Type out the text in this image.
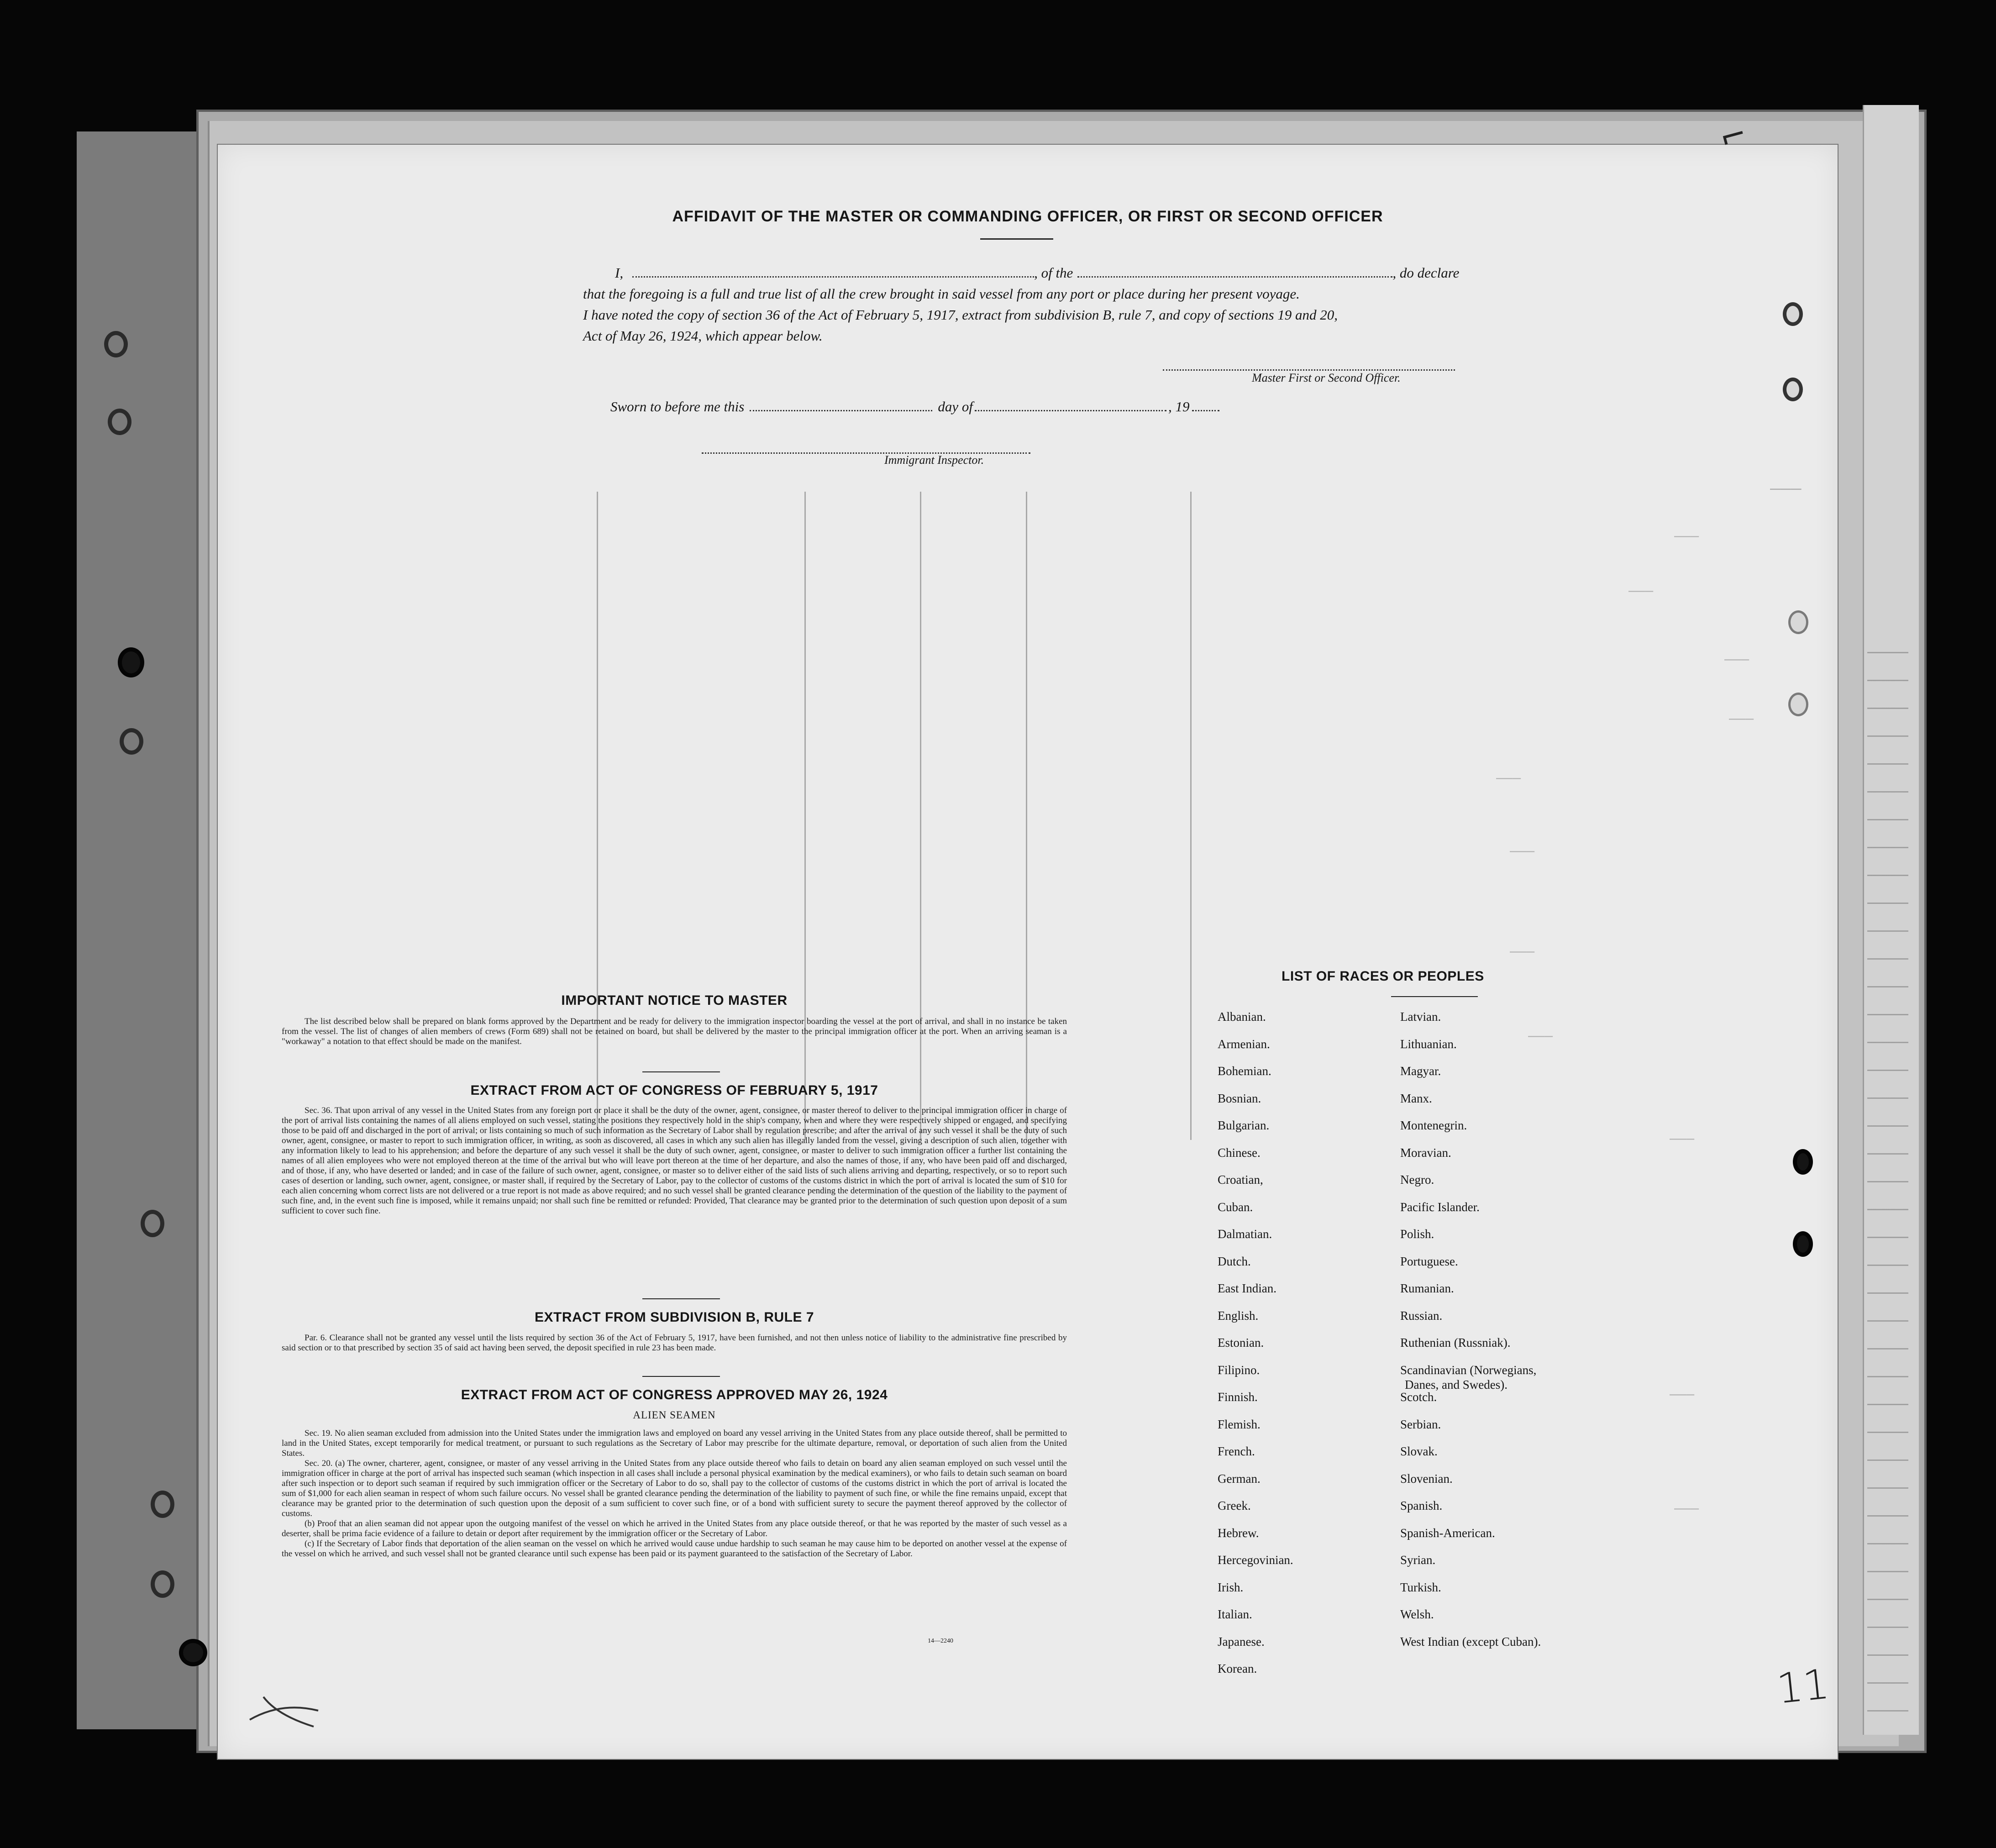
———
———
———
———
———
———
———
———
———
———
———
———
AFFIDAVIT OF THE MASTER OR COMMANDING OFFICER, OR FIRST OR SECOND OFFICER
I,	, of the	, do declare
that the foregoing is a full and true list of all the crew brought in said vessel from any port or place during her present voyage.
I have noted the copy of section 36 of the Act of February 5, 1917, extract from subdivision B, rule 7, and copy of sections 19 and 20,
Act of May 26, 1924, which appear below.
Master First or Second Officer.
Sworn to before me this	day of	, 19
Immigrant Inspector.
IMPORTANT NOTICE TO MASTER

The list described below shall be prepared on blank forms approved by the Department and be ready for delivery to the immigration inspector boarding the vessel at the port of arrival, and shall in no instance be taken from the vessel. The list of changes of alien members of crews (Form 689) shall not be retained on board, but shall be delivered by the master to the principal immigration officer at the port. When an arriving seaman is a "workaway" a notation to that effect should be made on the manifest.

EXTRACT FROM ACT OF CONGRESS OF FEBRUARY 5, 1917

Sec. 36. That upon arrival of any vessel in the United States from any foreign port or place it shall be the duty of the owner, agent, consignee, or master thereof to deliver to the principal immigration officer in charge of the port of arrival lists containing the names of all aliens employed on such vessel, stating the positions they respectively hold in the ship's company, when and where they were respectively shipped or engaged, and specifying those to be paid off and discharged in the port of arrival; or lists containing so much of such information as the Secretary of Labor shall by regulation prescribe; and after the arrival of any such vessel it shall be the duty of such owner, agent, consignee, or master to report to such immigration officer, in writing, as soon as discovered, all cases in which any such alien has illegally landed from the vessel, giving a description of such alien, together with any information likely to lead to his apprehension; and before the departure of any such vessel it shall be the duty of such owner, agent, consignee, or master to deliver to such immigration officer a further list containing the names of all alien employees who were not employed thereon at the time of the arrival but who will leave port thereon at the time of her departure, and also the names of those, if any, who have been paid off and discharged, and of those, if any, who have deserted or landed; and in case of the failure of such owner, agent, consignee, or master so to deliver either of the said lists of such aliens arriving and departing, respectively, or so to report such cases of desertion or landing, such owner, agent, consignee, or master shall, if required by the Secretary of Labor, pay to the collector of customs of the customs district in which the port of arrival is located the sum of $10 for each alien concerning whom correct lists are not delivered or a true report is not made as above required; and no such vessel shall be granted clearance pending the determination of the question of the liability to the payment of such fine, and, in the event such fine is imposed, while it remains unpaid; nor shall such fine be remitted or refunded: Provided, That clearance may be granted prior to the determination of such question upon deposit of a sum sufficient to cover such fine.

EXTRACT FROM SUBDIVISION B, RULE 7

Par. 6. Clearance shall not be granted any vessel until the lists required by section 36 of the Act of February 5, 1917, have been furnished, and not then unless notice of liability to the administrative fine prescribed by said section or to that prescribed by section 35 of said act having been served, the deposit specified in rule 23 has been made.

EXTRACT FROM ACT OF CONGRESS APPROVED MAY 26, 1924
ALIEN SEAMEN

Sec. 19. No alien seaman excluded from admission into the United States under the immigration laws and employed on board any vessel arriving in the United States from any place outside thereof, shall be permitted to land in the United States, except temporarily for medical treatment, or pursuant to such regulations as the Secretary of Labor may prescribe for the ultimate departure, removal, or deportation of such alien from the United States.

Sec. 20. (a) The owner, charterer, agent, consignee, or master of any vessel arriving in the United States from any place outside thereof who fails to detain on board any alien seaman employed on such vessel until the immigration officer in charge at the port of arrival has inspected such seaman (which inspection in all cases shall include a personal physical examination by the medical examiners), or who fails to detain such seaman on board after such inspection or to deport such seaman if required by such immigration officer or the Secretary of Labor to do so, shall pay to the collector of customs of the customs district in which the port of arrival is located the sum of $1,000 for each alien seaman in respect of whom such failure occurs. No vessel shall be granted clearance pending the determination of the liability to payment of such fine, or while the fine remains unpaid, except that clearance may be granted prior to the determination of such question upon the deposit of a sum sufficient to cover such fine, or of a bond with sufficient surety to secure the payment thereof approved by the collector of customs.

(b) Proof that an alien seaman did not appear upon the outgoing manifest of the vessel on which he arrived in the United States from any place outside thereof, or that he was reported by the master of such vessel as a deserter, shall be prima facie evidence of a failure to detain or deport after requirement by the immigration officer or the Secretary of Labor.

(c) If the Secretary of Labor finds that deportation of the alien seaman on the vessel on which he arrived would cause undue hardship to such seaman he may cause him to be deported on another vessel at the expense of the vessel on which he arrived, and such vessel shall not be granted clearance until such expense has been paid or its payment guaranteed to the satisfaction of the Secretary of Labor.

14—2240
LIST OF RACES OR PEOPLES
11
⌐
Albanian.
Armenian.
Bohemian.
Bosnian.
Bulgarian.
Chinese.
Croatian,
Cuban.
Dalmatian.
Dutch.
East Indian.
English.
Estonian.
Filipino.
Finnish.
Flemish.
French.
German.
Greek.
Hebrew.
Hercegovinian.
Irish.
Italian.
Japanese.
Korean.
Latvian.
Lithuanian.
Magyar.
Manx.
Montenegrin.
Moravian.
Negro.
Pacific Islander.
Polish.
Portuguese.
Rumanian.
Russian.
Ruthenian (Russniak).
Scandinavian (Norwegians,
Danes, and Swedes).
Scotch.
Serbian.
Slovak.
Slovenian.
Spanish.
Spanish-American.
Syrian.
Turkish.
Welsh.
West Indian (except Cuban).
